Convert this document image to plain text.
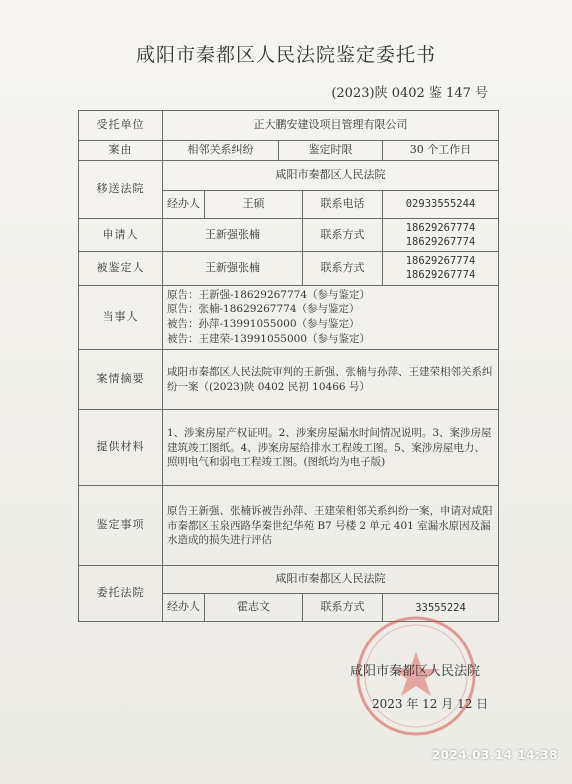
咸阳市秦都区人民法院鉴定委托书
(2023)陕 0402 鉴 147 号
受托单位	正大鹏安建设项目管理有限公司				
案由	相邻关系纠纷		鉴定时限		30 个工作日
移送法院	咸阳市秦都区人民法院				
	经办人	王硕		联系电话	02933555244
申请人	王新强张楠			联系方式	18629267774
18629267774

被鉴定人	王新强张楠			联系方式	18629267774
18629267774

当事人	原告：王新强-18629267774（参与鉴定）
原告：张楠-18629267774（参与鉴定）
被告：孙萍-13991055000（参与鉴定）
被告：王建荣-13991055000（参与鉴定）				

案情摘要	咸阳市秦都区人民法院审判的王新强、张楠与孙萍、王建荣相邻关系纠纷一案（(2023)陕 0402 民初 10466 号）				
提供材料	1、涉案房屋产权证明。2、涉案房屋漏水时间情况说明。3、案涉房屋建筑竣工图纸。4、涉案房屋给排水工程竣工图。5、案涉房屋电力、照明电气和弱电工程竣工图。(图纸均为电子版)				
鉴定事项	原告王新强、张楠诉被告孙萍、王建荣相邻关系纠纷一案，申请对咸阳市秦都区玉泉西路华秦世纪华苑 B7 号楼 2 单元 401 室漏水原因及漏水造成的损失进行评估				
委托法院	咸阳市秦都区人民法院				
	经办人	霍志文		联系方式	33555224
咸阳市秦都区人民法院
2023 年 12 月 12 日
2024.03.14 14:38
